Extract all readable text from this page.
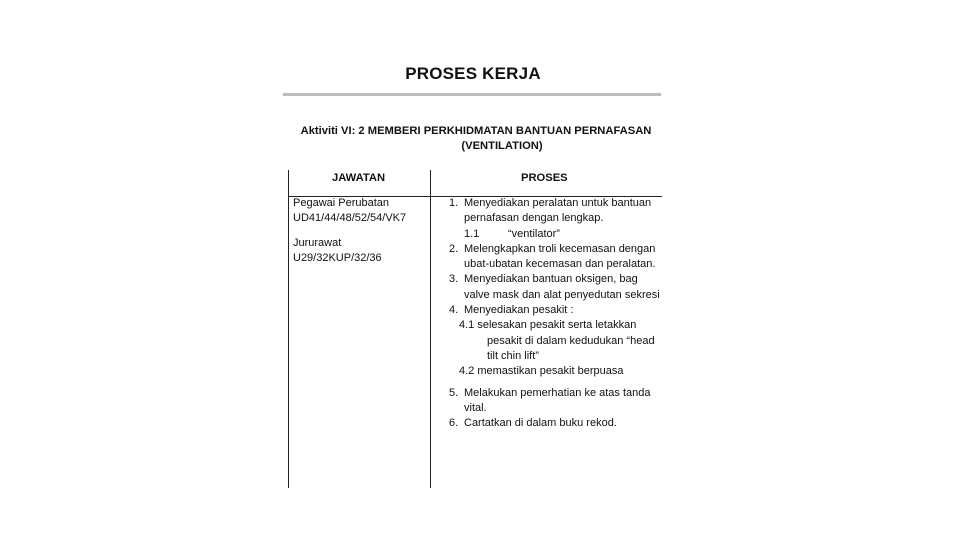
PROSES KERJA
Aktiviti VI: 2 MEMBERI PERKHIDMATAN BANTUAN PERNAFASAN
(VENTILATION)
JAWATAN	PROSES
Pegawai Perubatan
UD41/44/48/52/54/VK7
Jururawat
U29/32KUP/32/36
1. Menyediakan peralatan untuk bantuan pernafasan dengan lengkap.
1.1	“ventilator”
2. Melengkapkan troli kecemasan dengan ubat-ubatan kecemasan dan peralatan.
3. Menyediakan bantuan oksigen, bag valve mask dan alat penyedutan sekresi
4. Menyediakan pesakit :
4.1 selesakan pesakit serta letakkan pesakit di dalam kedudukan “head tilt chin lift”
4.2 memastikan pesakit berpuasa
5. Melakukan pemerhatian ke atas tanda vital.
6. Cartatkan di dalam buku rekod.
